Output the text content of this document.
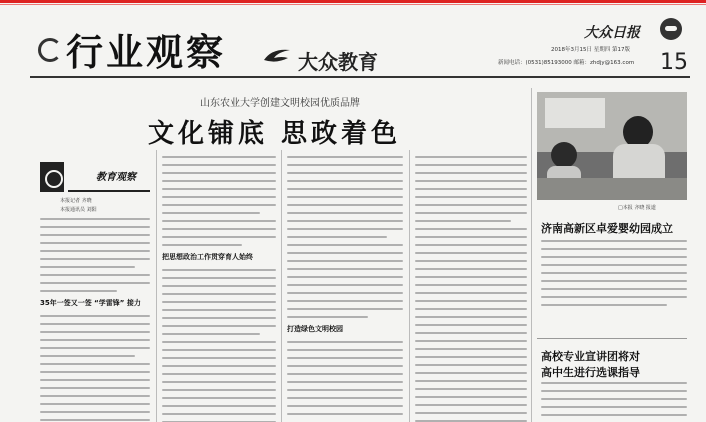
行业观察	大众教育
大众日报
2018年3月15日 星期四 第17版
新闻电话：(0531)85193000 邮箱：zhdjy@163.com 15
山东农业大学创建文明校园优质品牌
文化铺底 思政着色
教育观察
本报记者 齐晓
本报通讯员 刘阳
35年一签又一签 “学雷锋” 接力
把思想政治工作贯穿育人始终
打造绿色文明校园
□本报 齐晓 报道
济南高新区卓爱婴幼园成立
高校专业宣讲团将对
高中生进行选课指导
